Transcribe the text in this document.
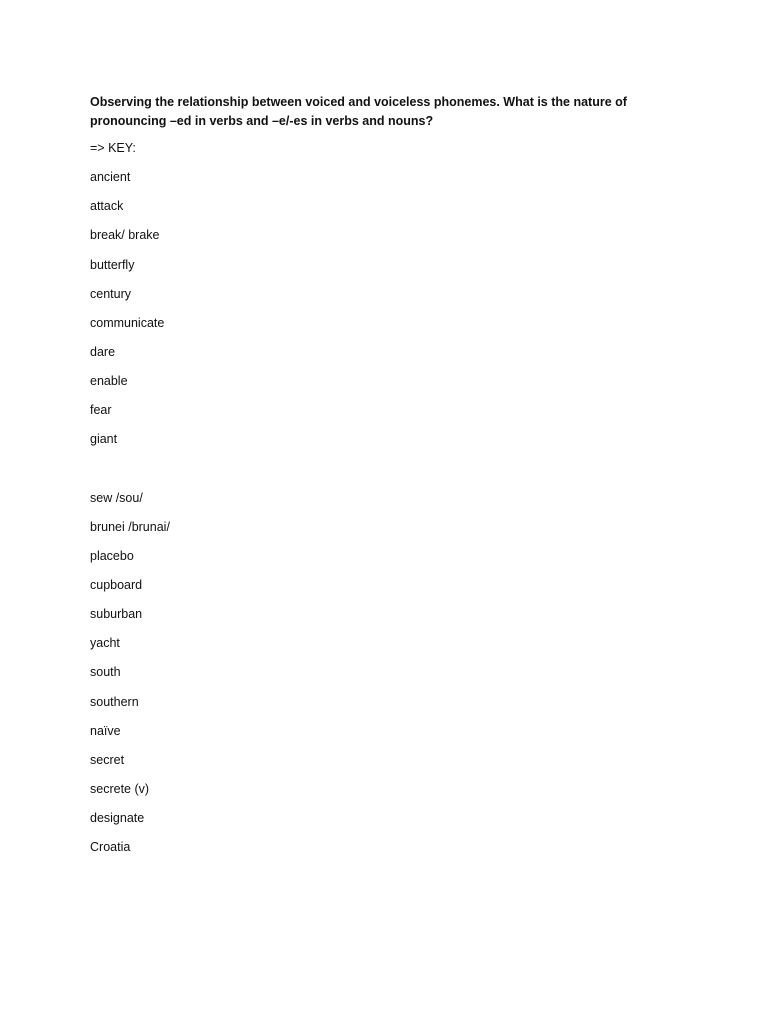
Observing the relationship between voiced and voiceless phonemes. What is the nature of pronouncing –ed in verbs and –e/-es in verbs and nouns?

=> KEY:

ancient
attack
break/ brake
butterfly
century
communicate
dare
enable
fear
giant
sew /sou/
brunei /brunai/
placebo
cupboard
suburban
yacht
south
southern
naïve
secret
secrete (v)
designate
Croatia
